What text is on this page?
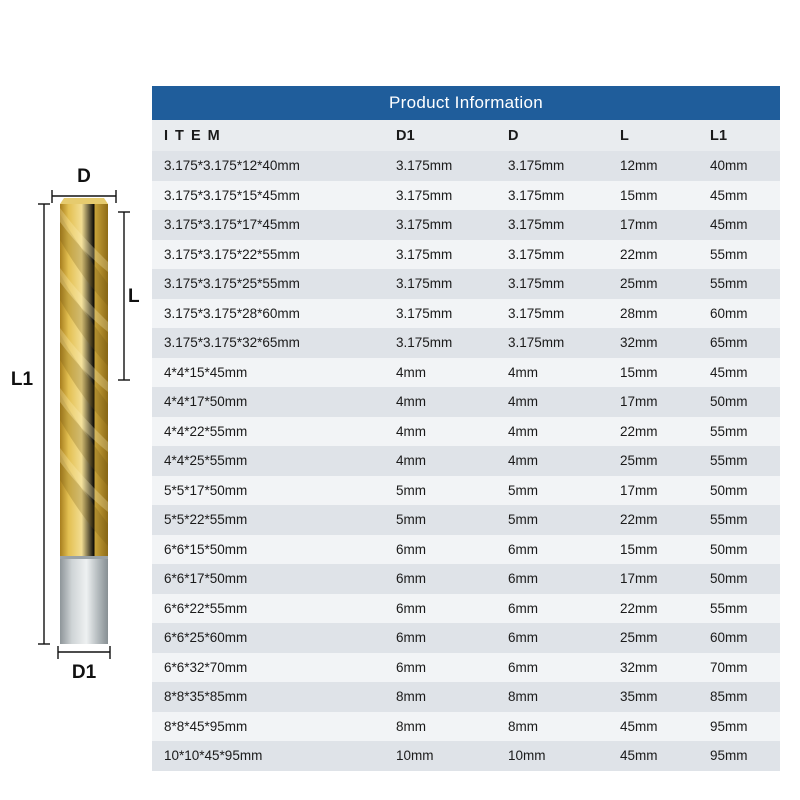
D
L
L1
D1
Product Information
I T E M	D1	D	L	L1
3.175*3.175*12*40mm	3.175mm	3.175mm	12mm	40mm
3.175*3.175*15*45mm	3.175mm	3.175mm	15mm	45mm
3.175*3.175*17*45mm	3.175mm	3.175mm	17mm	45mm
3.175*3.175*22*55mm	3.175mm	3.175mm	22mm	55mm
3.175*3.175*25*55mm	3.175mm	3.175mm	25mm	55mm
3.175*3.175*28*60mm	3.175mm	3.175mm	28mm	60mm
3.175*3.175*32*65mm	3.175mm	3.175mm	32mm	65mm
4*4*15*45mm	4mm	4mm	15mm	45mm
4*4*17*50mm	4mm	4mm	17mm	50mm
4*4*22*55mm	4mm	4mm	22mm	55mm
4*4*25*55mm	4mm	4mm	25mm	55mm
5*5*17*50mm	5mm	5mm	17mm	50mm
5*5*22*55mm	5mm	5mm	22mm	55mm
6*6*15*50mm	6mm	6mm	15mm	50mm
6*6*17*50mm	6mm	6mm	17mm	50mm
6*6*22*55mm	6mm	6mm	22mm	55mm
6*6*25*60mm	6mm	6mm	25mm	60mm
6*6*32*70mm	6mm	6mm	32mm	70mm
8*8*35*85mm	8mm	8mm	35mm	85mm
8*8*45*95mm	8mm	8mm	45mm	95mm
10*10*45*95mm	10mm	10mm	45mm	95mm
